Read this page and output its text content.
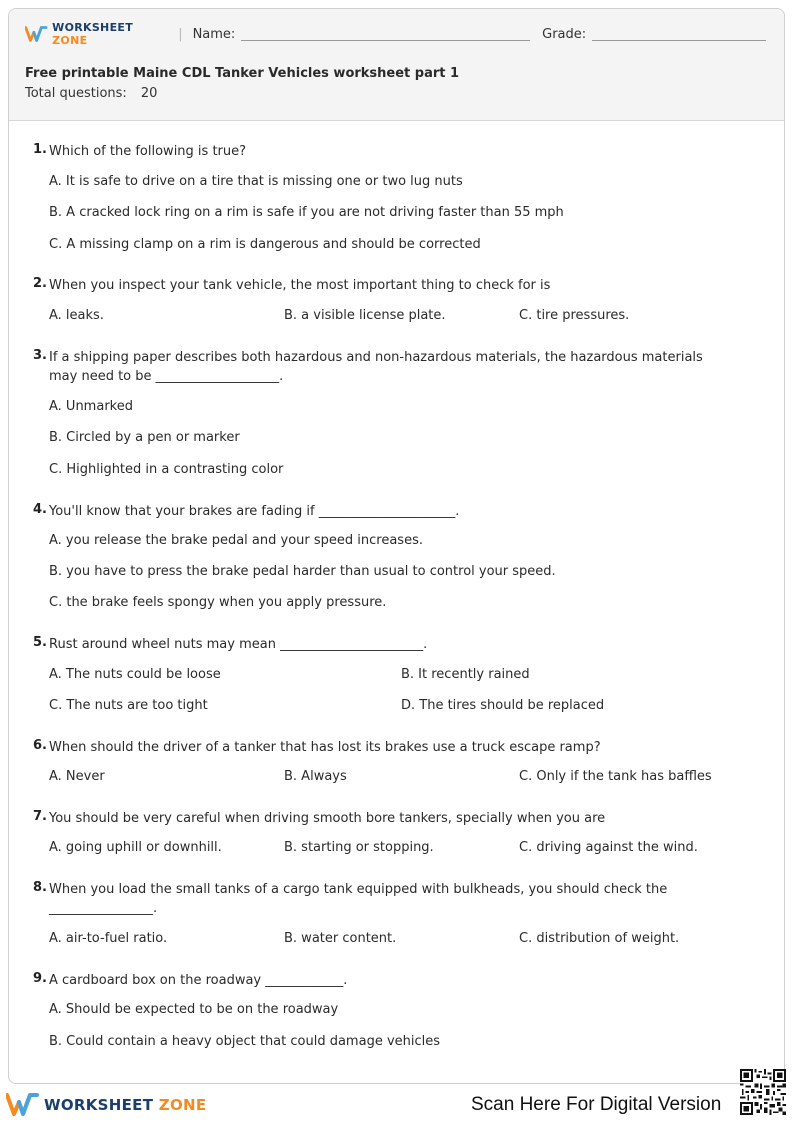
WORKSHEET ZONE	| Name:	Grade:
Free printable Maine CDL Tanker Vehicles worksheet part 1
Total questions: 20
1. Which of the following is true?
A. It is safe to drive on a tire that is missing one or two lug nuts
B. A cracked lock ring on a rim is safe if you are not driving faster than 55 mph
C. A missing clamp on a rim is dangerous and should be corrected
2. When you inspect your tank vehicle, the most important thing to check for is
A. leaks.	B. a visible license plate.	C. tire pressures.
3. If a shipping paper describes both hazardous and non-hazardous materials, the hazardous materials may need to be ___________________.
A. Unmarked
B. Circled by a pen or marker
C. Highlighted in a contrasting color
4. You'll know that your brakes are fading if _____________________.
A. you release the brake pedal and your speed increases.
B. you have to press the brake pedal harder than usual to control your speed.
C. the brake feels spongy when you apply pressure.
5. Rust around wheel nuts may mean ______________________.
A. The nuts could be loose	B. It recently rained
C. The nuts are too tight	D. The tires should be replaced
6. When should the driver of a tanker that has lost its brakes use a truck escape ramp?
A. Never	B. Always	C. Only if the tank has baffles
7. You should be very careful when driving smooth bore tankers, specially when you are
A. going uphill or downhill.	B. starting or stopping.	C. driving against the wind.
8. When you load the small tanks of a cargo tank equipped with bulkheads, you should check the ________________.
A. air-to-fuel ratio.	B. water content.	C. distribution of weight.
9. A cardboard box on the roadway ____________.
A. Should be expected to be on the roadway
B. Could contain a heavy object that could damage vehicles
WORKSHEET ZONE	Scan Here For Digital Version
